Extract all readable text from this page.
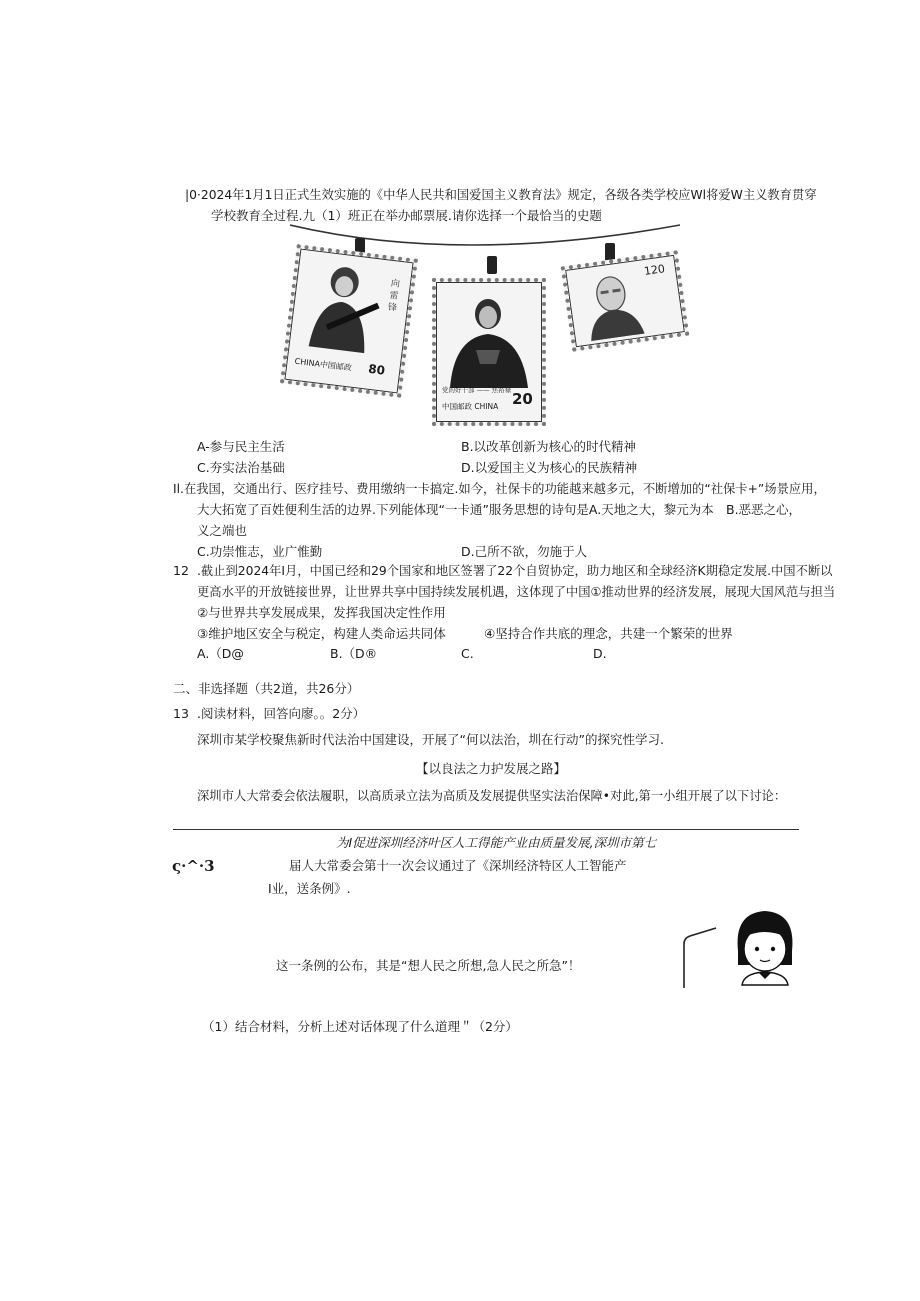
|0·2024年1月1日正式生效实施的《中华人民共和国爱国主义教育法》规定，各级各类学校应Wl将爱W主义教育贯穿
学校教育全过程.九（1）班正在举办邮票展.请你选择一个最恰当的史题
向
雷
锋
CHINA中国邮政 80
党的好干部 —— 焦裕禄
中国邮政 CHINA 20
120
A-参与民主生活	B.以改革创新为核心的时代精神
C.夯实法治基础	D.以爱国主义为核心的民族精神
Il.在我国，交通出行、医疗挂号、费用缴纳一卡搞定.如今，社保卡的功能越来越多元，不断增加的“社保卡+”场景应用，
大大拓宽了百姓便利生活的边界.下列能体现“一卡通”服务思想的诗句是A.天地之大，黎元为本 B.恶恶之心，
义之端也
C.功崇惟志，业广惟勤	D.己所不欲，勿施于人
12 .截止到2024年I月，中国已经和29个国家和地区签署了22个自贸协定，助力地区和全球经济K期稳定发展.中国不断以
更高水平的开放链接世界，让世界共享中国持续发展机遇，这体现了中国①推动世界的经济发展，展现大国风范与担当
②与世界共享发展成果，发挥我国决定性作用
③维护地区安全与税定，构建人类命运共同体	④坚持合作共底的理念，共建一个繁荣的世界
A.（D@	B.（D®	C.	D.
二、非选择题（共2道，共26分）
13 .阅读材料，回答向廖。。2分）
深圳市某学校聚焦新时代法治中国建设，开展了“何以法治，圳在行动”的探究性学习.
【以良法之力护发展之路】
深圳市人大常委会依法履职，以高质录立法为高质及发展提供坚实法治保障•对此,第一小组开展了以下讨论：
为I促进深圳经济叶区人工得能产业由质量发展,深圳市第七
ς·^·3	届人大常委会第十一次会议通过了《深圳经济特区人工智能产
I业，送条例》.
这一条例的公布，其是“想人民之所想,急人民之所急”！
（1）结合材料，分析上述对话体现了什么道理＂（2分）
